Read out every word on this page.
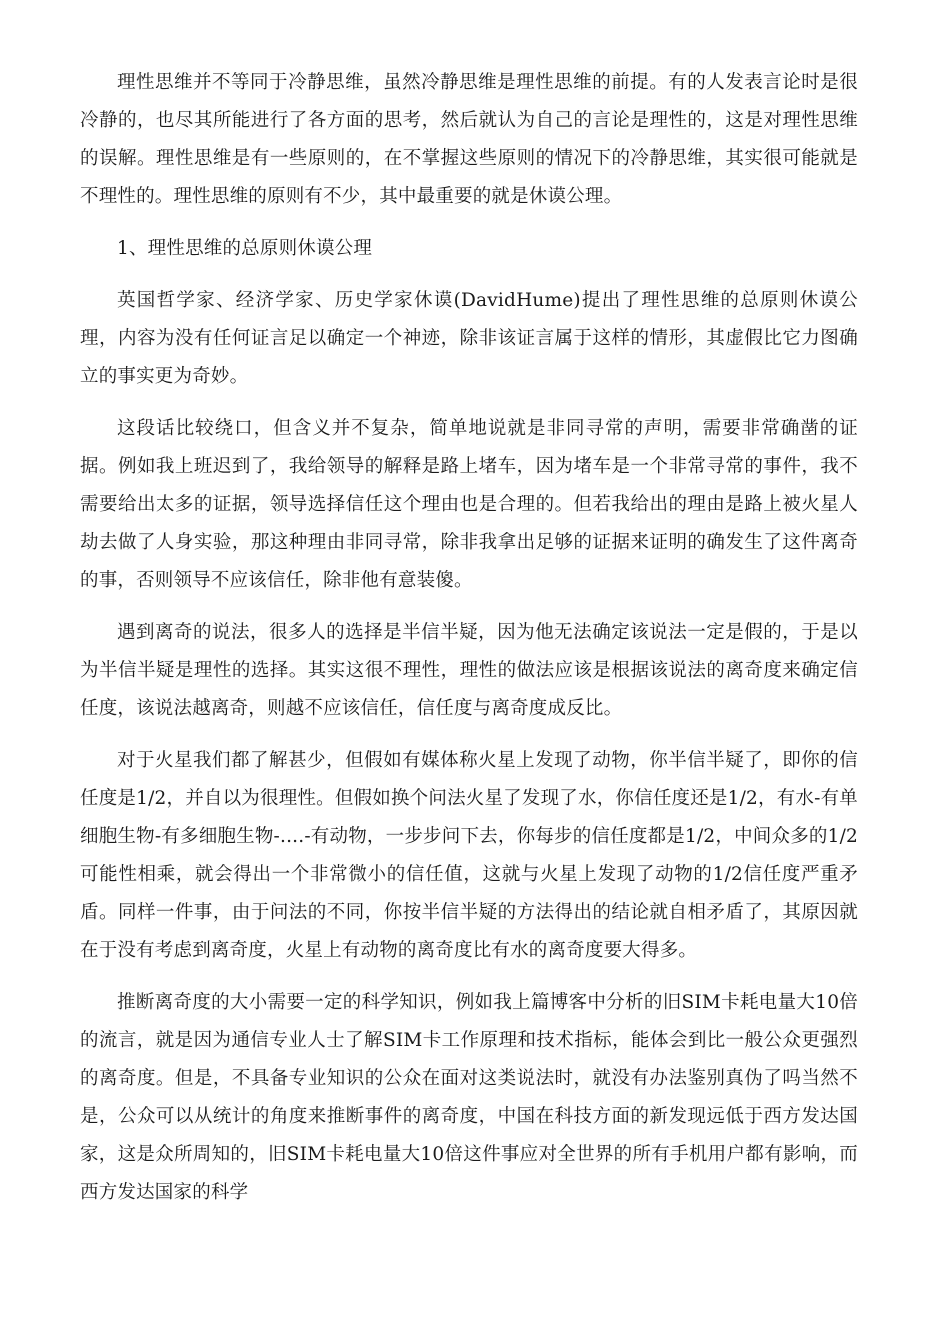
理性思维并不等同于冷静思维，虽然冷静思维是理性思维的前提。有的人发表言论时是很冷静的，也尽其所能进行了各方面的思考，然后就认为自己的言论是理性的，这是对理性思维的误解。理性思维是有一些原则的，在不掌握这些原则的情况下的冷静思维，其实很可能就是不理性的。理性思维的原则有不少，其中最重要的就是休谟公理。

1、理性思维的总原则休谟公理

英国哲学家、经济学家、历史学家休谟(DavidHume)提出了理性思维的总原则休谟公理，内容为没有任何证言足以确定一个神迹，除非该证言属于这样的情形，其虚假比它力图确立的事实更为奇妙。

这段话比较绕口，但含义并不复杂，简单地说就是非同寻常的声明，需要非常确凿的证据。例如我上班迟到了，我给领导的解释是路上堵车，因为堵车是一个非常寻常的事件，我不需要给出太多的证据，领导选择信任这个理由也是合理的。但若我给出的理由是路上被火星人劫去做了人身实验，那这种理由非同寻常，除非我拿出足够的证据来证明的确发生了这件离奇的事，否则领导不应该信任，除非他有意装傻。

遇到离奇的说法，很多人的选择是半信半疑，因为他无法确定该说法一定是假的，于是以为半信半疑是理性的选择。其实这很不理性，理性的做法应该是根据该说法的离奇度来确定信任度，该说法越离奇，则越不应该信任，信任度与离奇度成反比。

对于火星我们都了解甚少，但假如有媒体称火星上发现了动物，你半信半疑了，即你的信任度是1/2，并自以为很理性。但假如换个问法火星了发现了水，你信任度还是1/2，有水-有单细胞生物-有多细胞生物-....-有动物，一步步问下去，你每步的信任度都是1/2，中间众多的1/2可能性相乘，就会得出一个非常微小的信任值，这就与火星上发现了动物的1/2信任度严重矛盾。同样一件事，由于问法的不同，你按半信半疑的方法得出的结论就自相矛盾了，其原因就在于没有考虑到离奇度，火星上有动物的离奇度比有水的离奇度要大得多。

推断离奇度的大小需要一定的科学知识，例如我上篇博客中分析的旧SIM卡耗电量大10倍的流言，就是因为通信专业人士了解SIM卡工作原理和技术指标，能体会到比一般公众更强烈的离奇度。但是，不具备专业知识的公众在面对这类说法时，就没有办法鉴别真伪了吗当然不是，公众可以从统计的角度来推断事件的离奇度，中国在科技方面的新发现远低于西方发达国家，这是众所周知的，旧SIM卡耗电量大10倍这件事应对全世界的所有手机用户都有影响，而西方发达国家的科学
